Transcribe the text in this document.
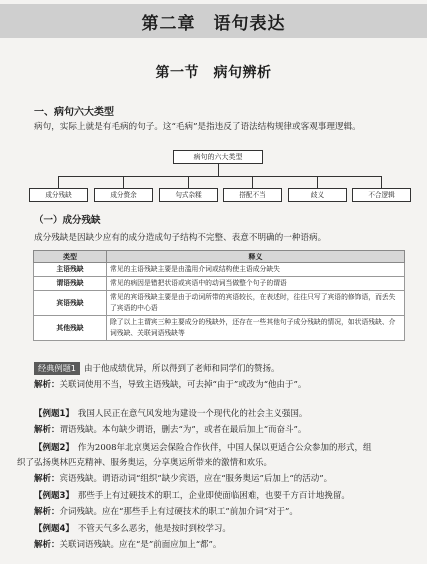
第二章　语句表达
第一节　病句辨析
一、病句六大类型
病句，实际上就是有毛病的句子。这“毛病”是指违反了语法结构规律或客观事理逻辑。
病句的六大类型
成分残缺	成分赘余	句式杂糅	搭配不当	歧义	不合逻辑
（一）成分残缺
成分残缺是因缺少应有的成分造成句子结构不完整、表意不明确的一种语病。
类型	释义
主语残缺	常见的主语残缺主要是由滥用介词或结构使主语成分缺失
谓语残缺	常见的病因是错把状语或宾语中的动词当做整个句子的谓语
宾语残缺	常见的宾语残缺主要是由于动词所带的宾语较长，在表述时，往往只写了宾语的修饰语，而丢失了宾语的中心语
其他残缺	除了以上主谓宾三种主要成分的残缺外，还存在一些其他句子成分残缺的情况，如状语残缺、介词残缺、关联词语残缺等
经典例题1 由于他成绩优异，所以得到了老师和同学们的赞扬。
解析：关联词使用不当，导致主语残缺，可去掉“由于”或改为“他由于”。
【例题1】 我国人民正在意气风发地为建设一个现代化的社会主义强国。
解析：谓语残缺。本句缺少谓语，删去“为”，或者在最后加上“而奋斗”。
【例题2】 作为2008年北京奥运会保险合作伙伴，中国人保以更适合公众参加的形式，组
织了弘扬奥林匹克精神、服务奥运，分享奥运所带来的激情和欢乐。
解析：宾语残缺。谓语动词“组织”缺少宾语，应在“服务奥运”后加上“的活动”。
【例题3】 那些手上有过硬技术的职工，企业即使面临困难，也要千方百计地挽留。
解析：介词残缺。应在“那些手上有过硬技术的职工”前加介词“对于”。
【例题4】 不管天气多么恶劣，他是按时到校学习。
解析：关联词语残缺。应在“是”前面应加上“都”。
